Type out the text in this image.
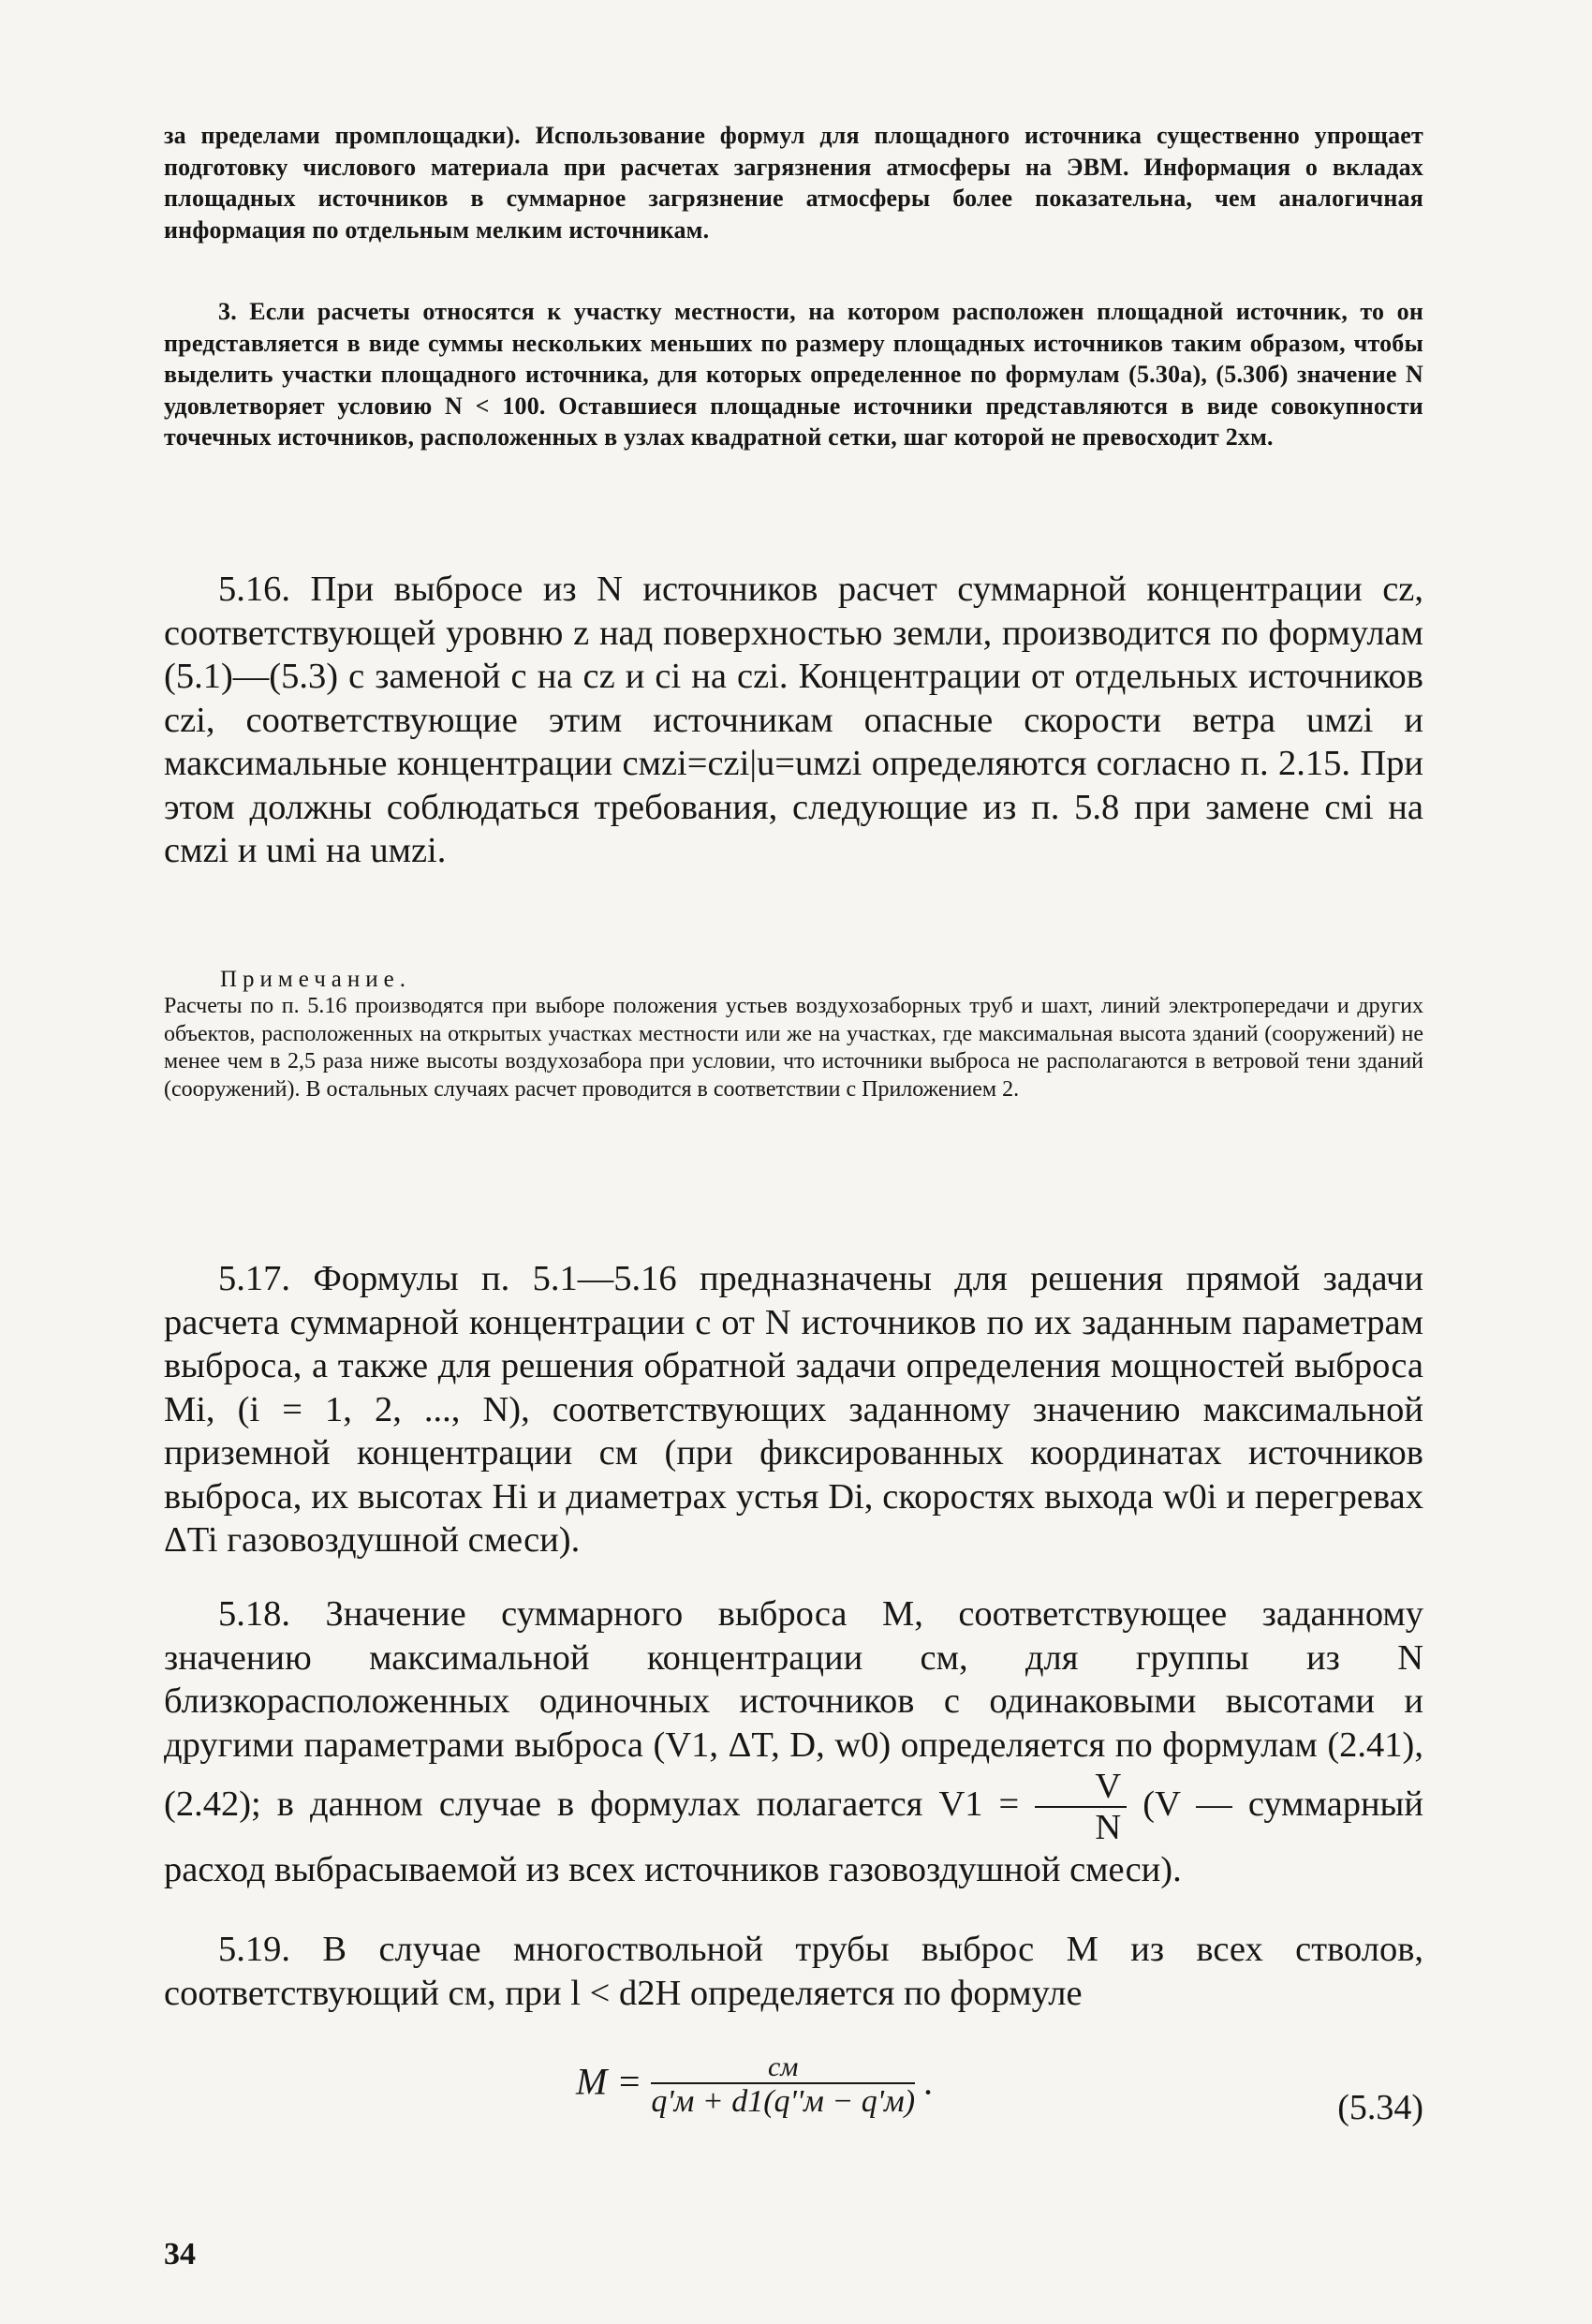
за пределами промплощадки). Использование формул для площадного источника существенно упрощает подготовку числового материала при расчетах загрязнения атмосферы на ЭВМ. Информация о вкладах площадных источников в суммарное загрязнение атмосферы более показательна, чем аналогичная информация по отдельным мелким источникам.

3. Если расчеты относятся к участку местности, на котором расположен площадной источник, то он представляется в виде суммы нескольких меньших по размеру площадных источников таким образом, чтобы выделить участки площадного источника, для которых определенное по формулам (5.30а), (5.30б) значение N удовлетворяет условию N < 100. Оставшиеся площадные источники представляются в виде совокупности точечных источников, расположенных в узлах квадратной сетки, шаг которой не превосходит 2xм.

5.16. При выбросе из N источников расчет суммарной концентрации cz, соответствующей уровню z над поверхностью земли, производится по формулам (5.1)—(5.3) с заменой c на cz и ci на czi. Концентрации от отдельных источников czi, соответствующие этим источникам опасные скорости ветра uмzi и максимальные концентрации cмzi=czi|u=uмzi определяются согласно п. 2.15. При этом должны соблюдаться требования, следующие из п. 5.8 при замене cмi на cмzi и uмi на uмzi.

Примечание.

Расчеты по п. 5.16 производятся при выборе положения устьев воздухозаборных труб и шахт, линий электропередачи и других объектов, расположенных на открытых участках местности или же на участках, где максимальная высота зданий (сооружений) не менее чем в 2,5 раза ниже высоты воздухозабора при условии, что источники выброса не располагаются в ветровой тени зданий (сооружений). В остальных случаях расчет проводится в соответствии с Приложением 2.

5.17. Формулы п. 5.1—5.16 предназначены для решения прямой задачи расчета суммарной концентрации c от N источников по их заданным параметрам выброса, а также для решения обратной задачи определения мощностей выброса Mi, (i = 1, 2, ..., N), соответствующих заданному значению максимальной приземной концентрации cм (при фиксированных координатах источников выброса, их высотах Hi и диаметрах устья Di, скоростях выхода w0i и перегревах ΔTi газовоздушной смеси).

5.18. Значение суммарного выброса M, соответствующее заданному значению максимальной концентрации cм, для группы из N близкорасположенных одиночных источников с одинаковыми высотами и другими параметрами выброса (V1, ΔT, D, w0) определяется по формулам (2.41), (2.42); в данном случае в формулах полагается $V1 = \frac{V}{N} (V$ — суммарный расход выбрасываемой из всех источников газовоздушной смеси).

5.19. В случае многоствольной трубы выброс M из всех стволов, соответствующий cм, при l < d2H определяется по формуле

$M = \frac{cм}{q'м + d1(q''м - q'м)}$ .
(5.34)
34
